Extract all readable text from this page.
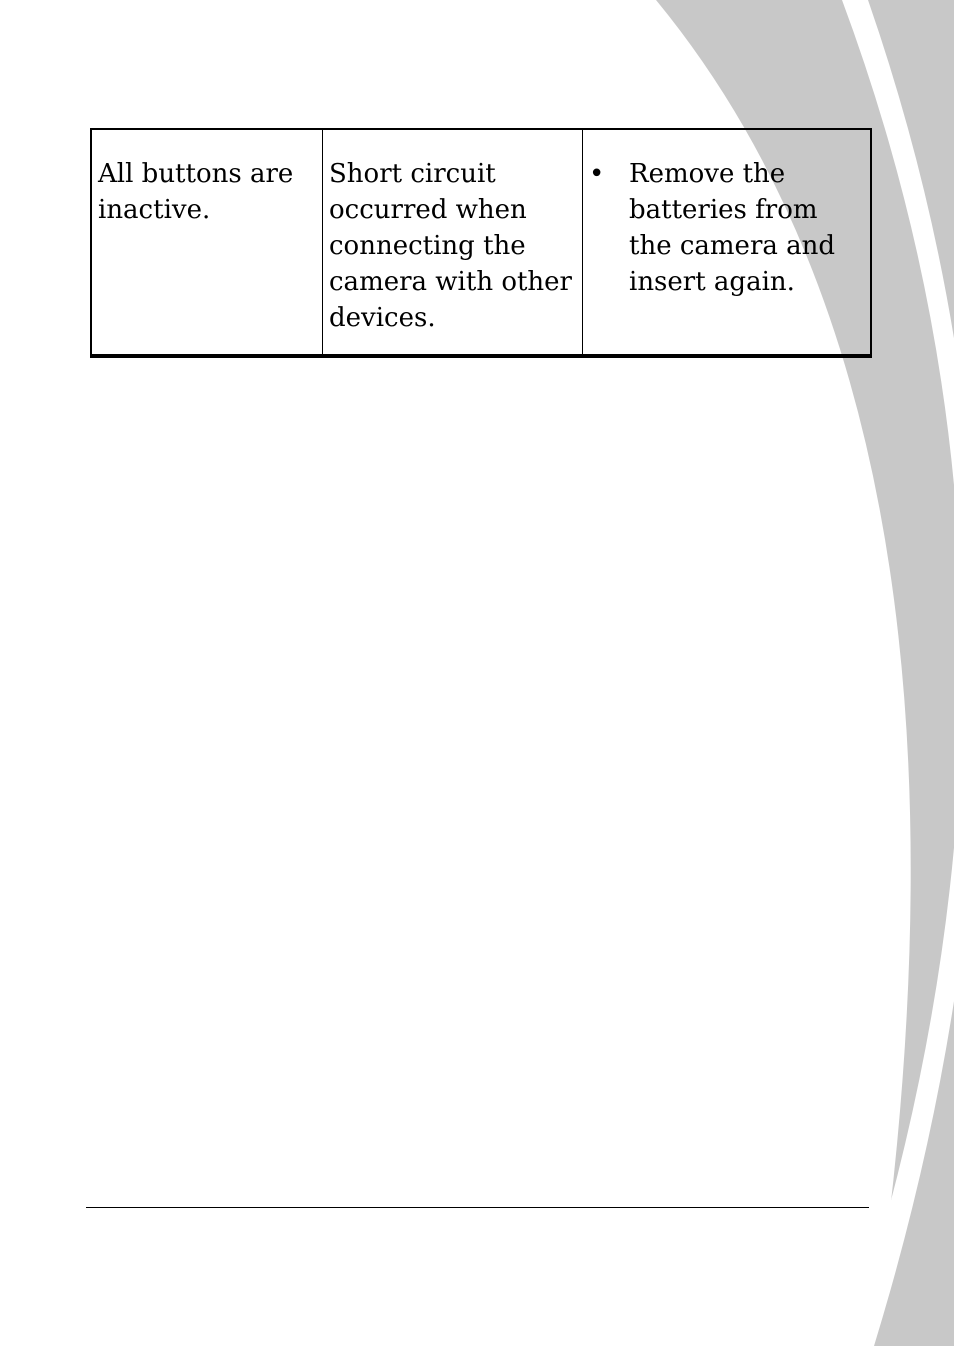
All buttons are inactive.
Short circuit occurred when connecting the camera with other devices.
• Remove the batteries from the camera and insert again.
